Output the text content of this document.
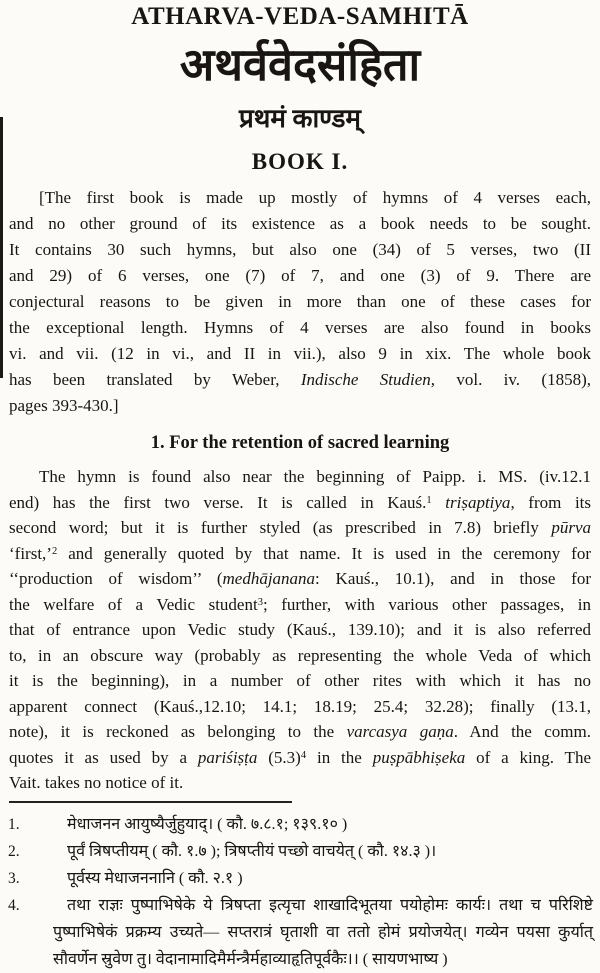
ATHARVA-VEDA-SAMHITĀ
अथर्ववेदसंहिता
प्रथमं काण्डम्
BOOK I.
[The first book is made up mostly of hymns of 4 verses each,
and no other ground of its existence as a book needs to be sought.
It contains 30 such hymns, but also one (34) of 5 verses, two (II
and 29) of 6 verses, one (7) of 7, and one (3) of 9. There are
conjectural reasons to be given in more than one of these cases for
the exceptional length. Hymns of 4 verses are also found in books
vi. and vii. (12 in vi., and II in vii.), also 9 in xix. The whole book
has been translated by Weber, Indische Studien, vol. iv. (1858),
pages 393-430.]
1. For the retention of sacred learning
The hymn is found also near the beginning of Paipp. i. MS. (iv.12.1
end) has the first two verse. It is called in Kauś.$^1$ triṣaptiya, from its
second word; but it is further styled (as prescribed in 7.8) briefly pūrva
‘first,’$^2$ and generally quoted by that name. It is used in the ceremony for
‘‘production of wisdom’’ (medhājanana: Kauś., 10.1), and in those for
the welfare of a Vedic student$^3$; further, with various other passages, in
that of entrance upon Vedic study (Kauś., 139.10); and it is also referred
to, in an obscure way (probably as representing the whole Veda of which
it is the beginning), in a number of other rites with which it has no
apparent connect (Kauś.,12.10; 14.1; 18.19; 25.4; 32.28); finally (13.1,
note), it is reckoned as belonging to the varcasya gaṇa. And the comm.
quotes it as used by a pariśiṣṭa $(5.3)^4$ in the puṣpābhiṣeka of a king. The
Vait. takes no notice of it.
1.	मेधाजनन आयुष्यैर्जुहुयाद्। ( कौ. ७.८.१; १३९.१० )
2.	पूर्वं त्रिषप्तीयम् ( कौ. १.७ ); त्रिषप्तीयं पच्छो वाचयेत् ( कौ. १४.३ )।
3.	पूर्वस्य मेधाजननानि ( कौ. २.१ )
4.	तथा राज्ञः पुष्पाभिषेके ये त्रिषप्ता इत्यृचा शाखादिभूतया पयोहोमः कार्यः। तथा च परिशिष्टे
पुष्पाभिषेकं प्रक्रम्य उच्यते— सप्तरात्रं घृताशी वा ततो होमं प्रयोजयेत्। गव्येन पयसा कुर्यात्
सौवर्णेन स्रुवेण तु। वेदानामादिमैर्मन्त्रैर्महाव्याहृतिपूर्वकैः।। ( सायणभाष्य )
